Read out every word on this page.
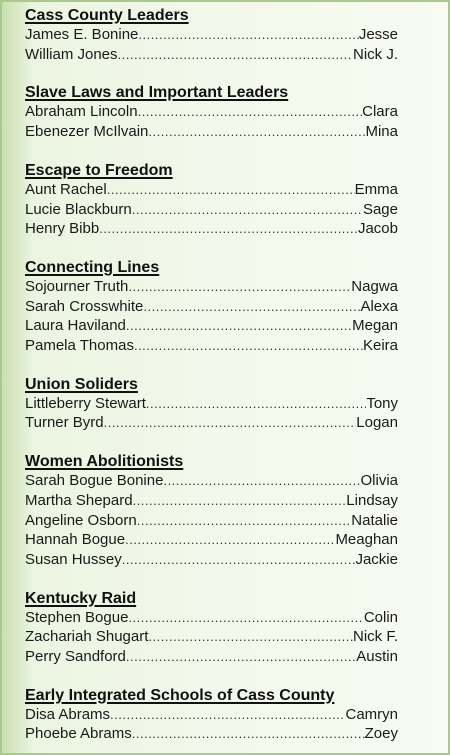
Cass County Leaders
James E. Bonine .....	Jesse
William Jones .....	Nick J.
Slave Laws and Important Leaders
Abraham Lincoln .....	Clara
Ebenezer McIlvain .....	Mina
Escape to Freedom
Aunt Rachel .....	Emma
Lucie Blackburn .....	Sage
Henry Bibb .....	Jacob
Connecting Lines
Sojourner Truth .....	Nagwa
Sarah Crosswhite .....	Alexa
Laura Haviland .....	Megan
Pamela Thomas .....	Keira
Union Soliders
Littleberry Stewart .....	Tony
Turner Byrd .....	Logan
Women Abolitionists
Sarah Bogue Bonine .....	Olivia
Martha Shepard .....	Lindsay
Angeline Osborn .....	Natalie
Hannah Bogue .....	Meaghan
Susan Hussey .....	Jackie
Kentucky Raid
Stephen Bogue .....	Colin
Zachariah Shugart .....	Nick F.
Perry Sandford .....	Austin
Early Integrated Schools of Cass County
Disa Abrams .....	Camryn
Phoebe Abrams .....	Zoey
